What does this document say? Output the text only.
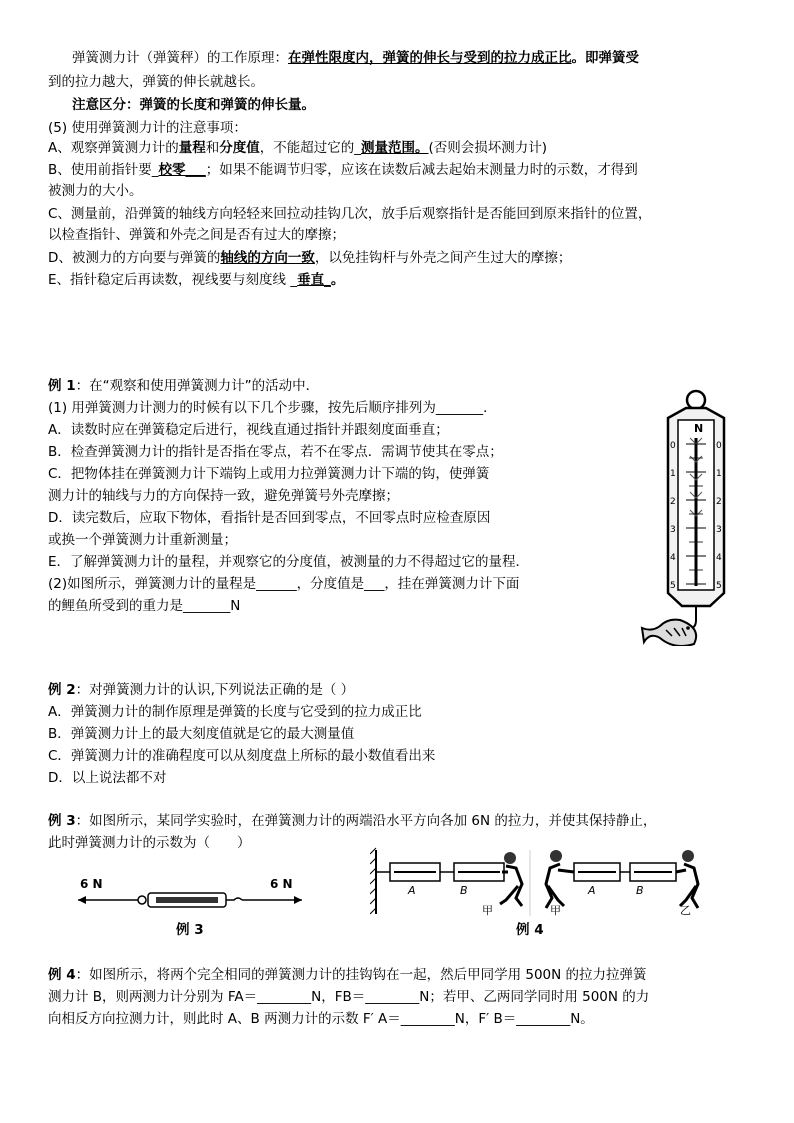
弹簧测力计（弹簧秤）的工作原理：在弹性限度内，弹簧的伸长与受到的拉力成正比。即弹簧受
到的拉力越大，弹簧的伸长就越长。
注意区分：弹簧的长度和弹簧的伸长量。
(5) 使用弹簧测力计的注意事项：
A、观察弹簧测力计的量程和分度值，不能超过它的_测量范围。(否则会损坏测力计)
B、使用前指针要_校零___；如果不能调节归零，应该在读数后减去起始末测量力时的示数，才得到
被测力的大小。
C、测量前，沿弹簧的轴线方向轻轻来回拉动挂钩几次，放手后观察指针是否能回到原来指针的位置，
以检查指针、弹簧和外壳之间是否有过大的摩擦；
D、被测力的方向要与弹簧的轴线的方向一致，以免挂钩杆与外壳之间产生过大的摩擦；
E、指针稳定后再读数，视线要与刻度线 _垂直_。
例 1：在“观察和使用弹簧测力计”的活动中．
(1) 用弹簧测力计测力的时候有以下几个步骤，按先后顺序排列为_______．
A．读数时应在弹簧稳定后进行，视线直通过指针并跟刻度面垂直；
B．检查弹簧测力计的指针是否指在零点，若不在零点．需调节使其在零点；
C．把物体挂在弹簧测力计下端钩上或用力拉弹簧测力计下端的钩，使弹簧
测力计的轴线与力的方向保持一致，避免弹簧号外壳摩擦；
D．读完数后，应取下物体，看指针是否回到零点，不回零点时应检查原因
或换一个弹簧测力计重新测量；
E．了解弹簧测力计的量程，并观察它的分度值，被测量的力不得超过它的量程．
(2)如图所示，弹簧测力计的量程是______，分度值是___，挂在弹簧测力计下面
的鲤鱼所受到的重力是_______N
N
0
1
2
3
4
5
0
1
2
3
4
5
例 2：对弹簧测力计的认识,下列说法正确的是（ ）
A．弹簧测力计的制作原理是弹簧的长度与它受到的拉力成正比
B．弹簧测力计上的最大刻度值就是它的最大测量值
C．弹簧测力计的准确程度可以从刻度盘上所标的最小数值看出来
D．以上说法都不对
例 3：如图所示，某同学实验时，在弹簧测力计的两端沿水平方向各加 6N 的拉力，并使其保持静止，
此时弹簧测力计的示数为（　　）
6 N	6 N
例 3
A	B
甲
A	B
甲	乙
例 4
例 4：如图所示，将两个完全相同的弹簧测力计的挂钩钩在一起，然后甲同学用 500N 的拉力拉弹簧
测力计 B，则两测力计分别为 FA＝________N，FB＝________N；若甲、乙两同学同时用 500N 的力
向相反方向拉测力计，则此时 A、B 两测力计的示数 F′ A＝________N，F′ B＝________N。
